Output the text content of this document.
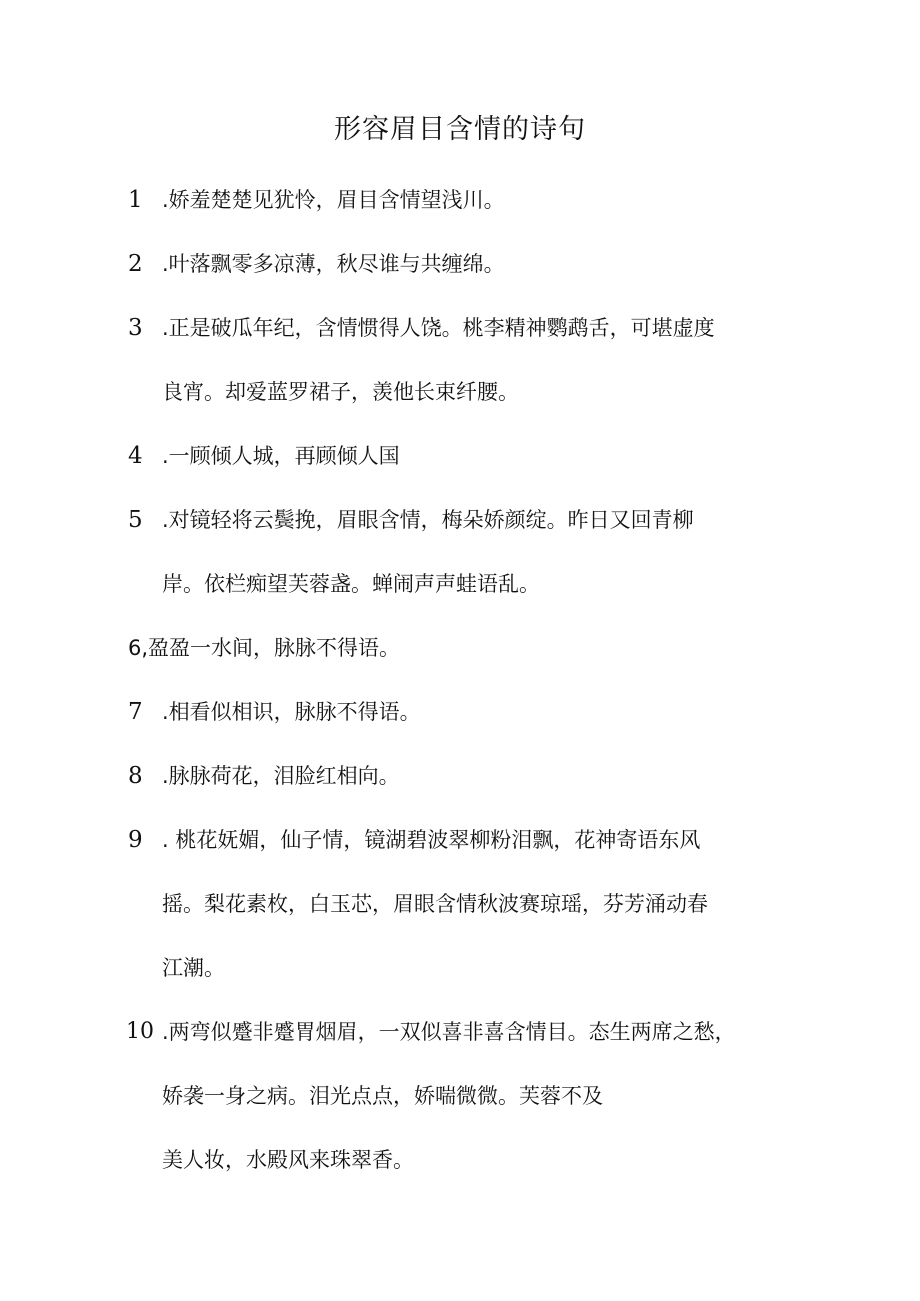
形容眉目含情的诗句
1 .娇羞楚楚见犹怜，眉目含情望浅川。
2 .叶落飘零多凉薄，秋尽谁与共缠绵。
3 .正是破瓜年纪，含情惯得人饶。桃李精神鹦鹉舌，可堪虚度
良宵。却爱蓝罗裙子，羡他长束纤腰。
4 .一顾倾人城，再顾倾人国
5 .对镜轻将云鬓挽，眉眼含情，梅朵娇颜绽。昨日又回青柳
岸。依栏痴望芙蓉盏。蝉闹声声蛙语乱。
6,盈盈一水间，脉脉不得语。
7 .相看似相识，脉脉不得语。
8 .脉脉荷花，泪脸红相向。
9 . 桃花妩媚，仙子情，镜湖碧波翠柳粉泪飘，花神寄语东风
摇。梨花素枚，白玉芯，眉眼含情秋波赛琼瑶，芬芳涌动春
江潮。
10 .两弯似蹙非蹙胃烟眉，一双似喜非喜含情目。态生两席之愁，
娇袭一身之病。泪光点点，娇喘微微。芙蓉不及
美人妆，水殿风来珠翠香。
